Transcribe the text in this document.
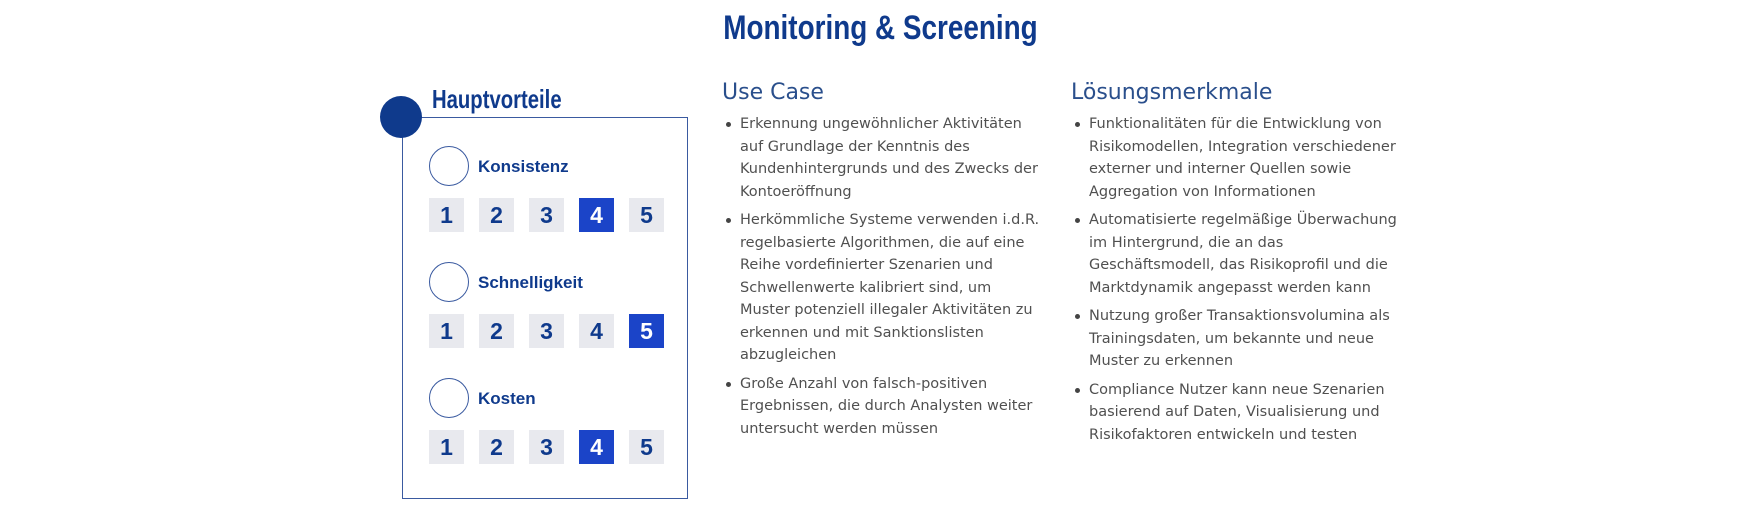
Monitoring & Screening
Hauptvorteile
Konsistenz
1	2	3	4	5
Schnelligkeit
1	2	3	4	5
Kosten
1	2	3	4	5
Use Case
Erkennung ungewöhnlicher Aktivitäten auf Grundlage der Kenntnis des Kundenhintergrunds und des Zwecks der Kontoeröffnung
Herkömmliche Systeme verwenden i.d.R. regelbasierte Algorithmen, die auf eine Reihe vordefinierter Szenarien und Schwellenwerte kalibriert sind, um Muster potenziell illegaler Aktivitäten zu erkennen und mit Sanktionslisten abzugleichen
Große Anzahl von falsch-positiven Ergebnissen, die durch Analysten weiter untersucht werden müssen
Lösungsmerkmale
Funktionalitäten für die Entwicklung von Risikomodellen, Integration verschiedener externer und interner Quellen sowie Aggregation von Informationen
Automatisierte regelmäßige Überwachung im Hintergrund, die an das Geschäftsmodell, das Risikoprofil und die Marktdynamik angepasst werden kann
Nutzung großer Transaktionsvolumina als Trainingsdaten, um bekannte und neue Muster zu erkennen
Compliance Nutzer kann neue Szenarien basierend auf Daten, Visualisierung und Risikofaktoren entwickeln und testen
